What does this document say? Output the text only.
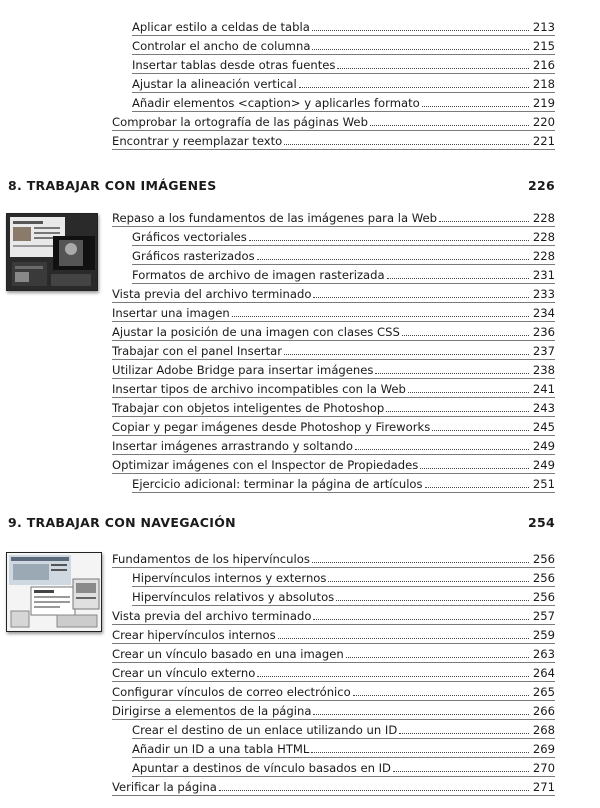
Aplicar estilo a celdas de tabla	213
Controlar el ancho de columna	215
Insertar tablas desde otras fuentes	216
Ajustar la alineación vertical	218
Añadir elementos <caption> y aplicarles formato	219
Comprobar la ortografía de las páginas Web	220
Encontrar y reemplazar texto	221
8. TRABAJAR CON IMÁGENES	226
Repaso a los fundamentos de las imágenes para la Web	228
Gráficos vectoriales	228
Gráficos rasterizados	228
Formatos de archivo de imagen rasterizada	231
Vista previa del archivo terminado	233
Insertar una imagen	234
Ajustar la posición de una imagen con clases CSS	236
Trabajar con el panel Insertar	237
Utilizar Adobe Bridge para insertar imágenes	238
Insertar tipos de archivo incompatibles con la Web	241
Trabajar con objetos inteligentes de Photoshop	243
Copiar y pegar imágenes desde Photoshop y Fireworks	245
Insertar imágenes arrastrando y soltando	249
Optimizar imágenes con el Inspector de Propiedades	249
Ejercicio adicional: terminar la página de artículos	251
9. TRABAJAR CON NAVEGACIÓN	254
Fundamentos de los hipervínculos	256
Hipervínculos internos y externos	256
Hipervínculos relativos y absolutos	256
Vista previa del archivo terminado	257
Crear hipervínculos internos	259
Crear un vínculo basado en una imagen	263
Crear un vínculo externo	264
Configurar vínculos de correo electrónico	265
Dirigirse a elementos de la página	266
Crear el destino de un enlace utilizando un ID	268
Añadir un ID a una tabla HTML	269
Apuntar a destinos de vínculo basados en ID	270
Verificar la página	271
